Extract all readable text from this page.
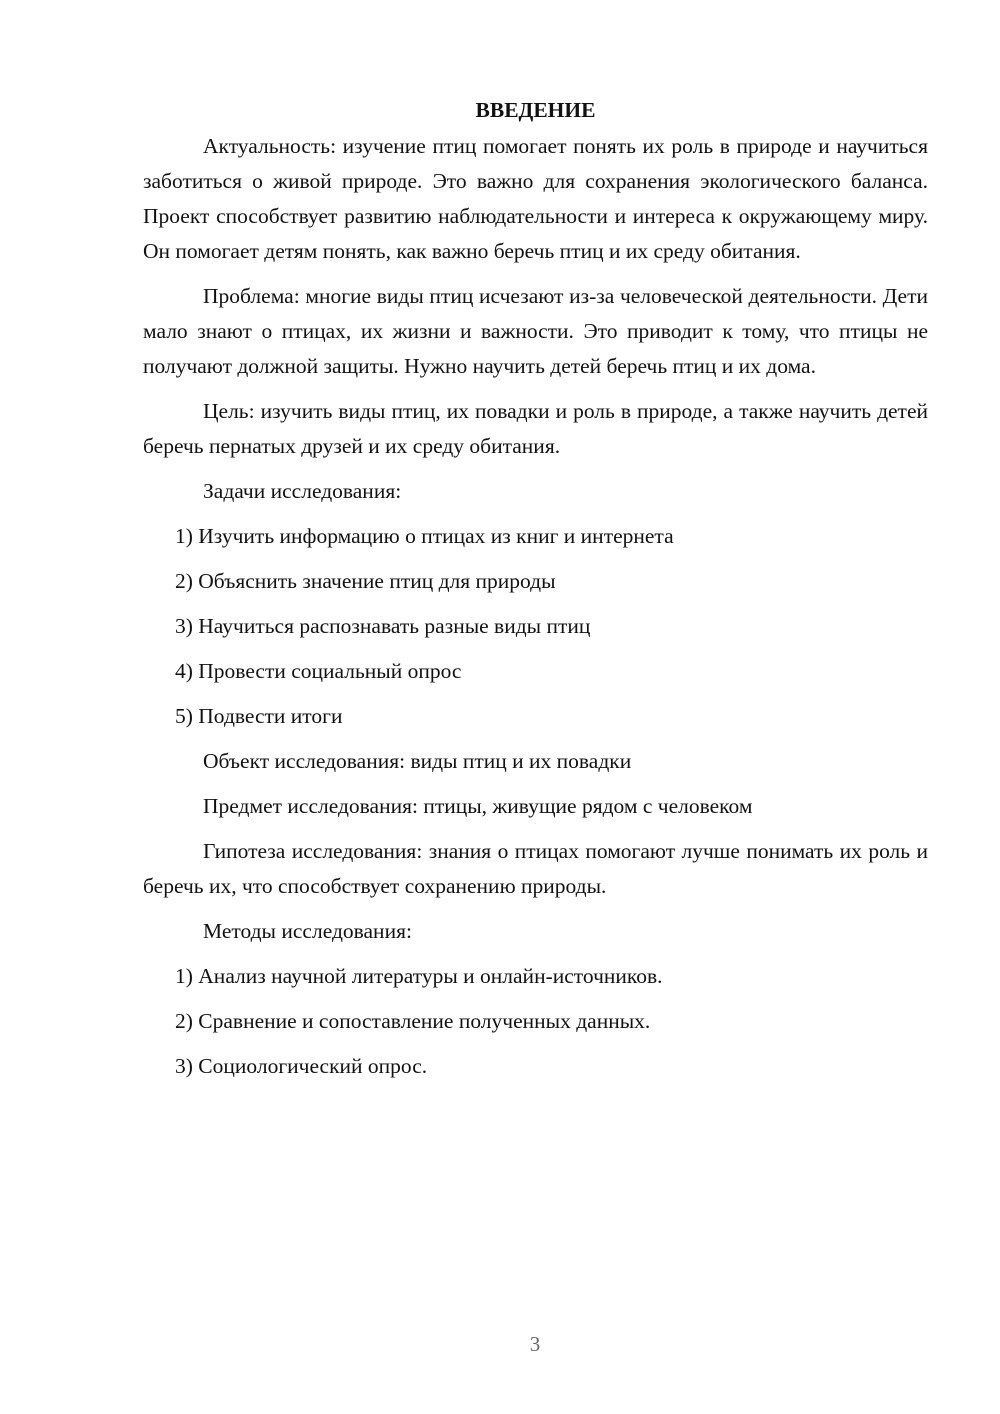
ВВЕДЕНИЕ

Актуальность: изучение птиц помогает понять их роль в природе и научиться заботиться о живой природе. Это важно для сохранения экологического баланса. Проект способствует развитию наблюдательности и интереса к окружающему миру. Он помогает детям понять, как важно беречь птиц и их среду обитания.

Проблема: многие виды птиц исчезают из-за человеческой деятельности. Дети мало знают о птицах, их жизни и важности. Это приводит к тому, что птицы не получают должной защиты. Нужно научить детей беречь птиц и их дома.

Цель: изучить виды птиц, их повадки и роль в природе, а также научить детей беречь пернатых друзей и их среду обитания.

Задачи исследования:

1) Изучить информацию о птицах из книг и интернета

2) Объяснить значение птиц для природы

3) Научиться распознавать разные виды птиц

4) Провести социальный опрос

5) Подвести итоги

Объект исследования: виды птиц и их повадки

Предмет исследования: птицы, живущие рядом с человеком

Гипотеза исследования: знания о птицах помогают лучше понимать их роль и беречь их, что способствует сохранению природы.

Методы исследования:

1) Анализ научной литературы и онлайн-источников.

2) Сравнение и сопоставление полученных данных.

3) Социологический опрос.

3
